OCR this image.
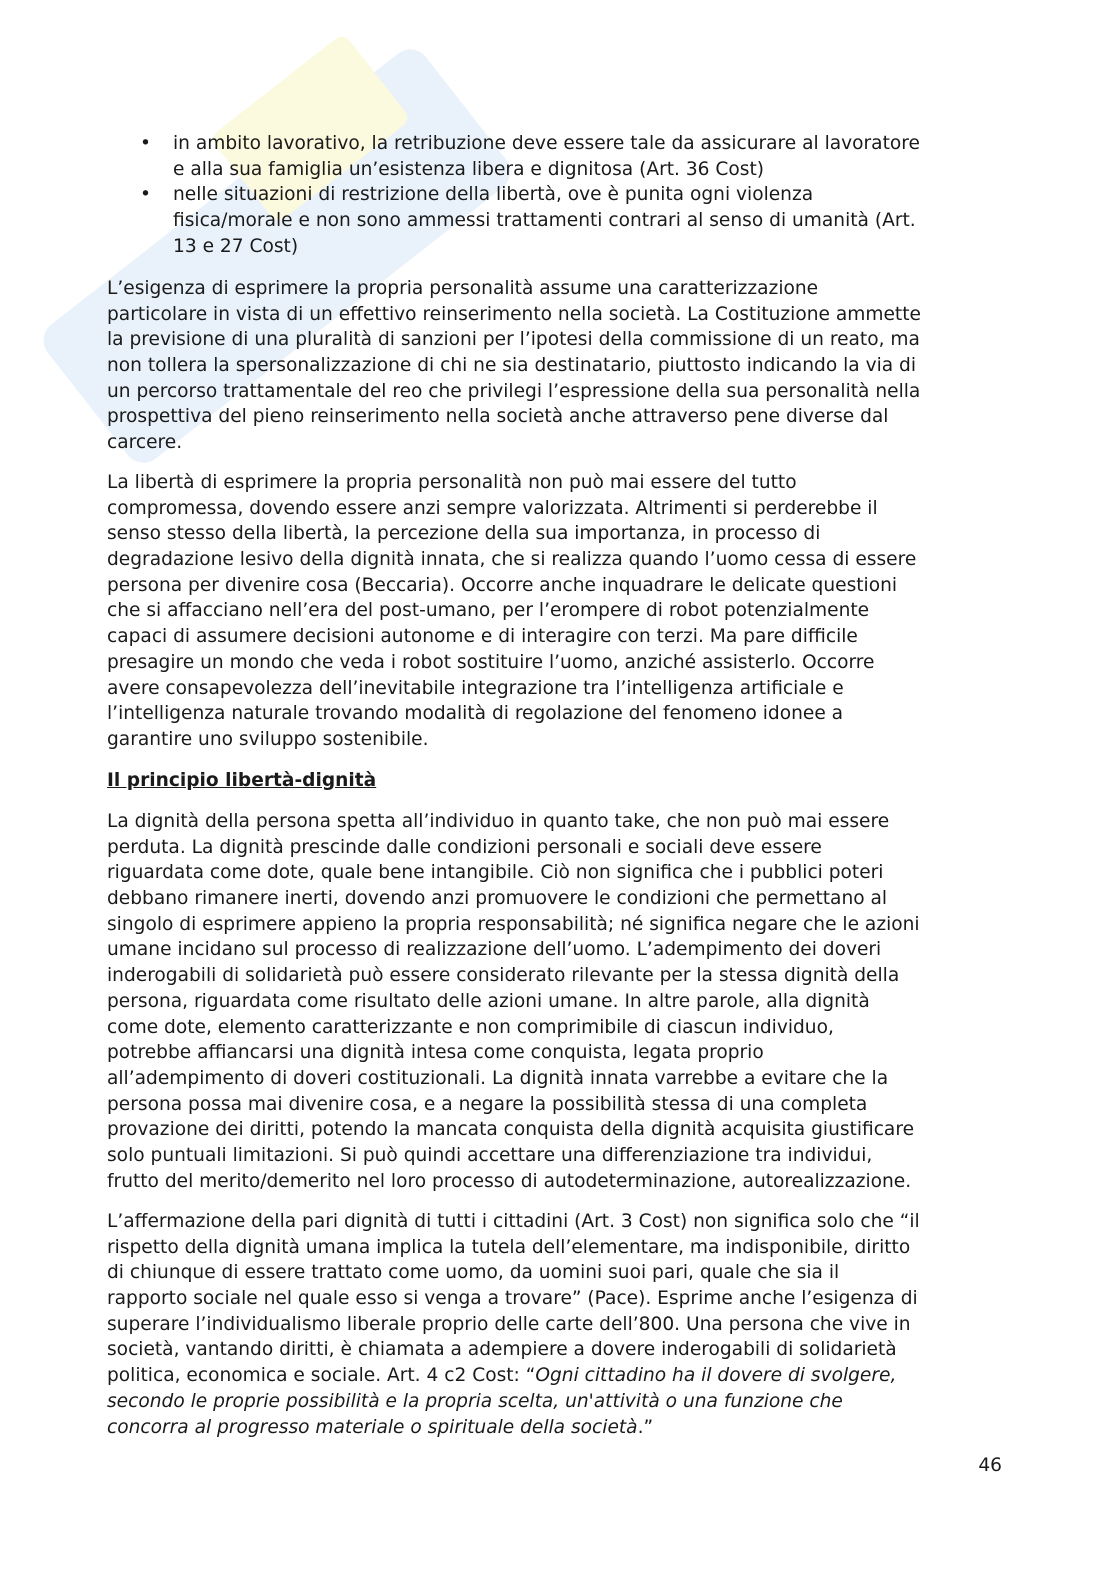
• in ambito lavorativo, la retribuzione deve essere tale da assicurare al lavoratore
e alla sua famiglia un’esistenza libera e dignitosa (Art. 36 Cost)
• nelle situazioni di restrizione della libertà, ove è punita ogni violenza
fisica/morale e non sono ammessi trattamenti contrari al senso di umanità (Art.
13 e 27 Cost)
L’esigenza di esprimere la propria personalità assume una caratterizzazione
particolare in vista di un effettivo reinserimento nella società. La Costituzione ammette
la previsione di una pluralità di sanzioni per l’ipotesi della commissione di un reato, ma
non tollera la spersonalizzazione di chi ne sia destinatario, piuttosto indicando la via di
un percorso trattamentale del reo che privilegi l’espressione della sua personalità nella
prospettiva del pieno reinserimento nella società anche attraverso pene diverse dal
carcere.
La libertà di esprimere la propria personalità non può mai essere del tutto
compromessa, dovendo essere anzi sempre valorizzata. Altrimenti si perderebbe il
senso stesso della libertà, la percezione della sua importanza, in processo di
degradazione lesivo della dignità innata, che si realizza quando l’uomo cessa di essere
persona per divenire cosa (Beccaria). Occorre anche inquadrare le delicate questioni
che si affacciano nell’era del post-umano, per l’erompere di robot potenzialmente
capaci di assumere decisioni autonome e di interagire con terzi. Ma pare difficile
presagire un mondo che veda i robot sostituire l’uomo, anziché assisterlo. Occorre
avere consapevolezza dell’inevitabile integrazione tra l’intelligenza artificiale e
l’intelligenza naturale trovando modalità di regolazione del fenomeno idonee a
garantire uno sviluppo sostenibile.
Il principio libertà-dignità
La dignità della persona spetta all’individuo in quanto take, che non può mai essere
perduta. La dignità prescinde dalle condizioni personali e sociali deve essere
riguardata come dote, quale bene intangibile. Ciò non significa che i pubblici poteri
debbano rimanere inerti, dovendo anzi promuovere le condizioni che permettano al
singolo di esprimere appieno la propria responsabilità; né significa negare che le azioni
umane incidano sul processo di realizzazione dell’uomo. L’adempimento dei doveri
inderogabili di solidarietà può essere considerato rilevante per la stessa dignità della
persona, riguardata come risultato delle azioni umane. In altre parole, alla dignità
come dote, elemento caratterizzante e non comprimibile di ciascun individuo,
potrebbe affiancarsi una dignità intesa come conquista, legata proprio
all’adempimento di doveri costituzionali. La dignità innata varrebbe a evitare che la
persona possa mai divenire cosa, e a negare la possibilità stessa di una completa
provazione dei diritti, potendo la mancata conquista della dignità acquisita giustificare
solo puntuali limitazioni. Si può quindi accettare una differenziazione tra individui,
frutto del merito/demerito nel loro processo di autodeterminazione, autorealizzazione.
L’affermazione della pari dignità di tutti i cittadini (Art. 3 Cost) non significa solo che “il
rispetto della dignità umana implica la tutela dell’elementare, ma indisponibile, diritto
di chiunque di essere trattato come uomo, da uomini suoi pari, quale che sia il
rapporto sociale nel quale esso si venga a trovare” (Pace). Esprime anche l’esigenza di
superare l’individualismo liberale proprio delle carte dell’800. Una persona che vive in
società, vantando diritti, è chiamata a adempiere a dovere inderogabili di solidarietà
politica, economica e sociale. Art. 4 c2 Cost: “Ogni cittadino ha il dovere di svolgere,
secondo le proprie possibilità e la propria scelta, un'attività o una funzione che
concorra al progresso materiale o spirituale della società.”
46
